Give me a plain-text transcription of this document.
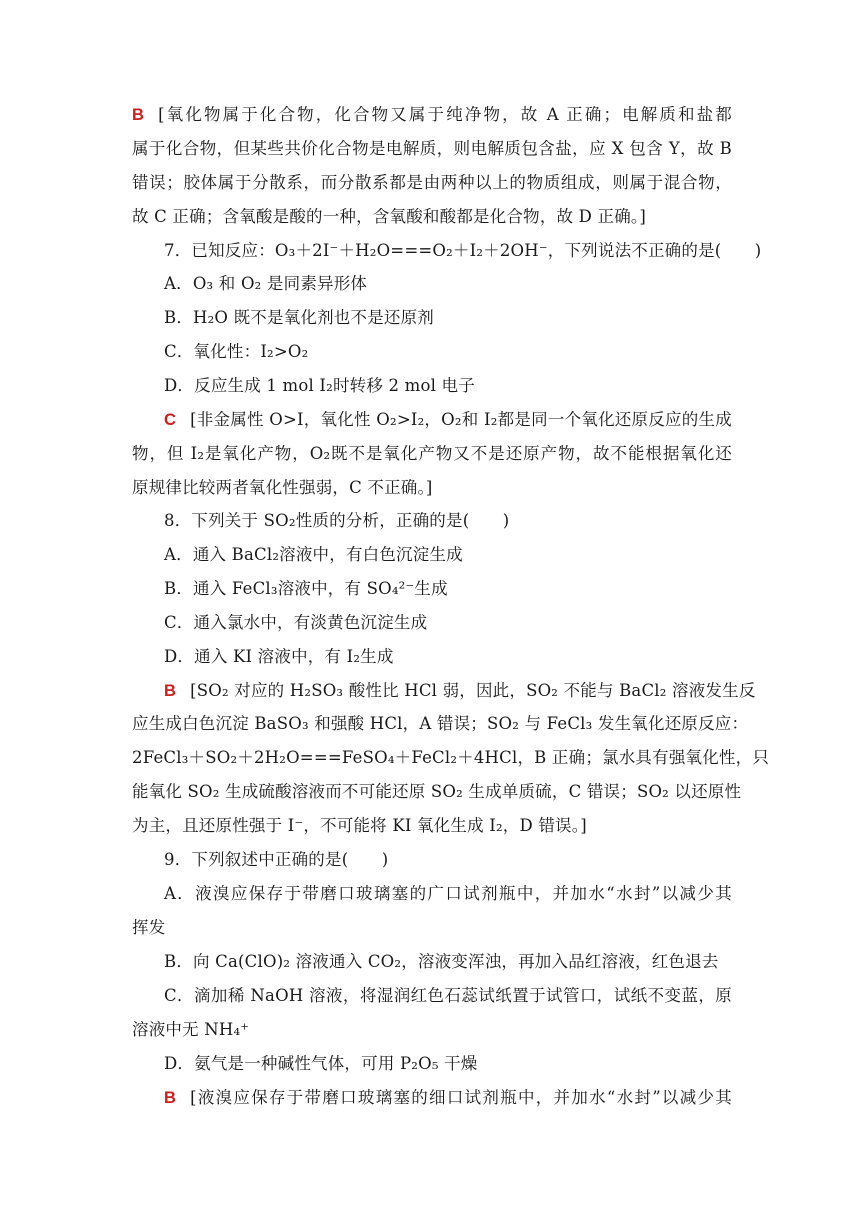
B [氧化物属于化合物，化合物又属于纯净物，故 A 正确；电解质和盐都
属于化合物，但某些共价化合物是电解质，则电解质包含盐，应 X 包含 Y，故 B
错误；胶体属于分散系，而分散系都是由两种以上的物质组成，则属于混合物，
故 C 正确；含氧酸是酸的一种，含氧酸和酸都是化合物，故 D 正确。]
7．已知反应：O₃＋2I⁻＋H₂O===O₂＋I₂＋2OH⁻，下列说法不正确的是(　　)
A．O₃ 和 O₂ 是同素异形体
B．H₂O 既不是氧化剂也不是还原剂
C．氧化性：I₂>O₂
D．反应生成 1 mol I₂时转移 2 mol 电子
C [非金属性 O>I，氧化性 O₂>I₂，O₂和 I₂都是同一个氧化还原反应的生成
物，但 I₂是氧化产物，O₂既不是氧化产物又不是还原产物，故不能根据氧化还
原规律比较两者氧化性强弱，C 不正确。]
8．下列关于 SO₂性质的分析，正确的是(　　)
A．通入 BaCl₂溶液中，有白色沉淀生成
B．通入 FeCl₃溶液中，有 SO₄²⁻生成
C．通入氯水中，有淡黄色沉淀生成
D．通入 KI 溶液中，有 I₂生成
B [SO₂ 对应的 H₂SO₃ 酸性比 HCl 弱，因此，SO₂ 不能与 BaCl₂ 溶液发生反
应生成白色沉淀 BaSO₃ 和强酸 HCl，A 错误；SO₂ 与 FeCl₃ 发生氧化还原反应：
2FeCl₃＋SO₂＋2H₂O===FeSO₄＋FeCl₂＋4HCl，B 正确；氯水具有强氧化性，只
能氧化 SO₂ 生成硫酸溶液而不可能还原 SO₂ 生成单质硫，C 错误；SO₂ 以还原性
为主，且还原性强于 I⁻，不可能将 KI 氧化生成 I₂，D 错误。]
9．下列叙述中正确的是(　　)
A．液溴应保存于带磨口玻璃塞的广口试剂瓶中，并加水“水封”以减少其
挥发
B．向 Ca(ClO)₂ 溶液通入 CO₂，溶液变浑浊，再加入品红溶液，红色退去
C．滴加稀 NaOH 溶液，将湿润红色石蕊试纸置于试管口，试纸不变蓝，原
溶液中无 NH₄⁺
D．氨气是一种碱性气体，可用 P₂O₅ 干燥
B [液溴应保存于带磨口玻璃塞的细口试剂瓶中，并加水“水封”以减少其
